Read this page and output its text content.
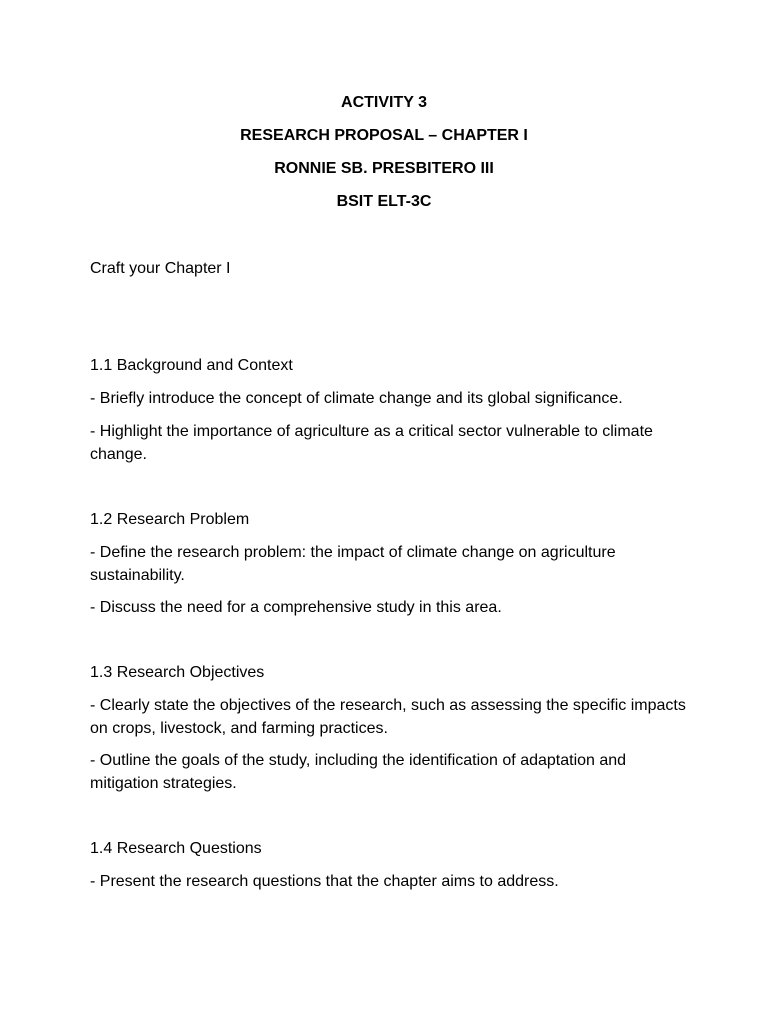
ACTIVITY 3
RESEARCH PROPOSAL – CHAPTER I
RONNIE SB. PRESBITERO III
BSIT ELT-3C
Craft your Chapter I
1.1 Background and Context
- Briefly introduce the concept of climate change and its global significance.
- Highlight the importance of agriculture as a critical sector vulnerable to climate change.
1.2 Research Problem
- Define the research problem: the impact of climate change on agriculture sustainability.
- Discuss the need for a comprehensive study in this area.
1.3 Research Objectives
- Clearly state the objectives of the research, such as assessing the specific impacts on crops, livestock, and farming practices.
- Outline the goals of the study, including the identification of adaptation and mitigation strategies.
1.4 Research Questions
- Present the research questions that the chapter aims to address.
